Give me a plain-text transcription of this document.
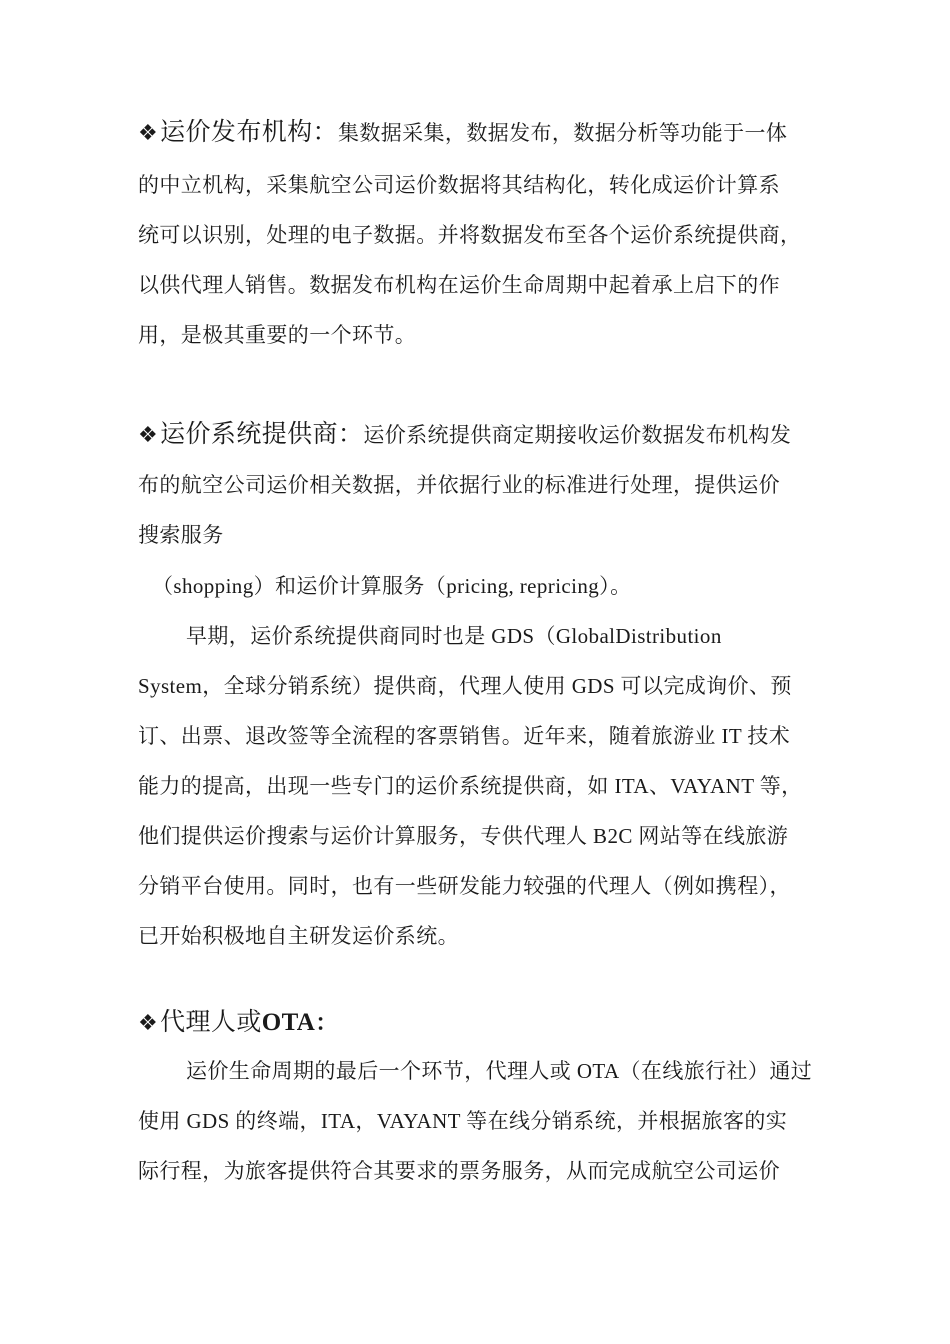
❖运价发布机构：集数据采集，数据发布，数据分析等功能于一体
的中立机构，采集航空公司运价数据将其结构化，转化成运价计算系
统可以识别，处理的电子数据。并将数据发布至各个运价系统提供商，
以供代理人销售。数据发布机构在运价生命周期中起着承上启下的作
用，是极其重要的一个环节。
❖运价系统提供商：运价系统提供商定期接收运价数据发布机构发
布的航空公司运价相关数据，并依据行业的标准进行处理，提供运价
搜索服务
（shopping）和运价计算服务（pricing, repricing）。
早期，运价系统提供商同时也是 GDS（GlobalDistribution
System，全球分销系统）提供商，代理人使用 GDS 可以完成询价、预
订、出票、退改签等全流程的客票销售。近年来，随着旅游业 IT 技术
能力的提高，出现一些专门的运价系统提供商，如 ITA、VAYANT 等，
他们提供运价搜索与运价计算服务，专供代理人 B2C 网站等在线旅游
分销平台使用。同时，也有一些研发能力较强的代理人（例如携程），
已开始积极地自主研发运价系统。
❖代理人或OTA：
运价生命周期的最后一个环节，代理人或 OTA（在线旅行社）通过
使用 GDS 的终端，ITA，VAYANT 等在线分销系统，并根据旅客的实
际行程，为旅客提供符合其要求的票务服务，从而完成航空公司运价
